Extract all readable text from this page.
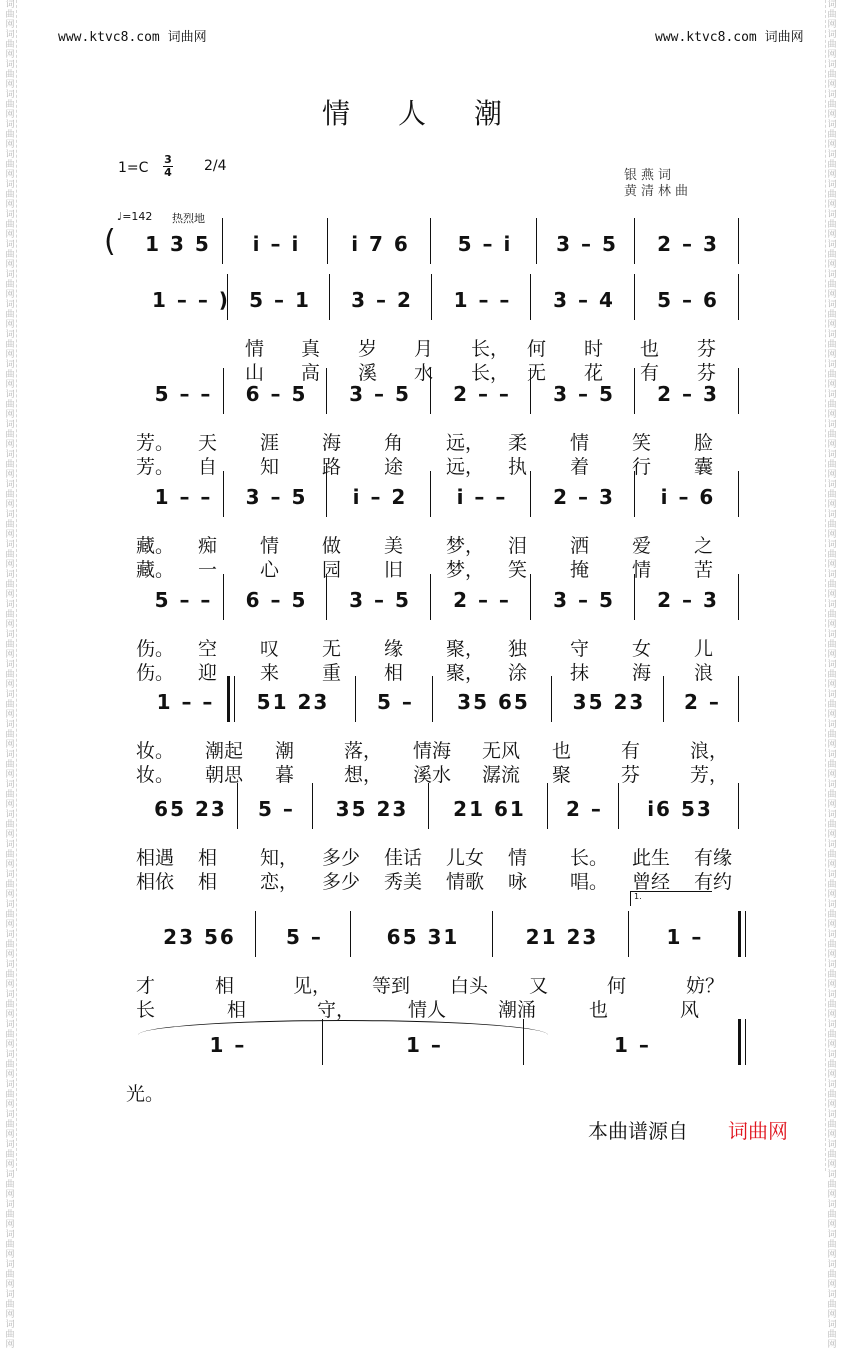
词曲网词曲网词曲网词曲网词曲网词曲网词曲网词曲网词曲网词曲网词曲网词曲网词曲网词曲网词曲网词曲网词曲网词曲网词曲网词曲网词曲网词曲网词曲网词曲网词曲网词曲网词曲网词曲网词曲网词曲网词曲网词曲网词曲网词曲网词曲网词曲网词曲网词曲网词曲网词曲网词曲网词曲网词曲网词曲网词曲网
词曲网词曲网词曲网词曲网词曲网词曲网词曲网词曲网词曲网词曲网词曲网词曲网词曲网词曲网词曲网词曲网词曲网词曲网词曲网词曲网词曲网词曲网词曲网词曲网词曲网词曲网词曲网词曲网词曲网词曲网词曲网词曲网词曲网词曲网词曲网词曲网词曲网词曲网词曲网词曲网词曲网词曲网词曲网词曲网词曲网
www.ktvc8.com 词曲网	www.ktvc8.com 词曲网
情人潮
1=C
3
4 2/4
银燕词
黄清林曲
♩=142 热烈地
( 1 3 5	i – i	i 7 6	5 – i	3 – 5	2 – 3
1 – – ) 5 – 1	3 – 2	1 – –	3 – 4	5 – 6
情 真 岁 月 长， 何 时 也 芬
山 高 溪 水 长， 无 花 有 芬
5 – –	6 – 5	3 – 5	2 – –	3 – 5	2 – 3
芳。 天 涯 海 角 远， 柔 情 笑 脸
芳。 自 知 路 途 远， 执 着 行 囊
1 – –	3 – 5	i – 2	i – –	2 – 3	i – 6
藏。 痴 情 做 美 梦， 泪 洒 爱 之
藏。 一 心 园 旧 梦， 笑 掩 情 苦
5 – –	6 – 5	3 – 5	2 – –	3 – 5	2 – 3
伤。 空 叹 无 缘 聚， 独 守 女 儿
伤。 迎 来 重 相 聚， 涂 抹 海 浪
1 – –	51 23	5 –	35 65	35 23	2 –
妆。 潮起 潮	落， 情海 无风 也	有	浪，
妆。 朝思 暮	想， 溪水 潺流 聚	芬	芳，
65 23	5 –	35 23	21 61	2 –	i6 53
相遇 相 知， 多少 佳话 儿女 情 长。 此生 有缘
相依 相 恋， 多少 秀美 情歌 咏 唱。 曾经 有约
23 56	5 –	65 31	21 23	1 –
1.
才	相	见， 等到 白头 又	何	妨？
长	相	守，	情人	潮涌	也	风
1 –	1 –	1 –
光。
本曲谱源自 词曲网
